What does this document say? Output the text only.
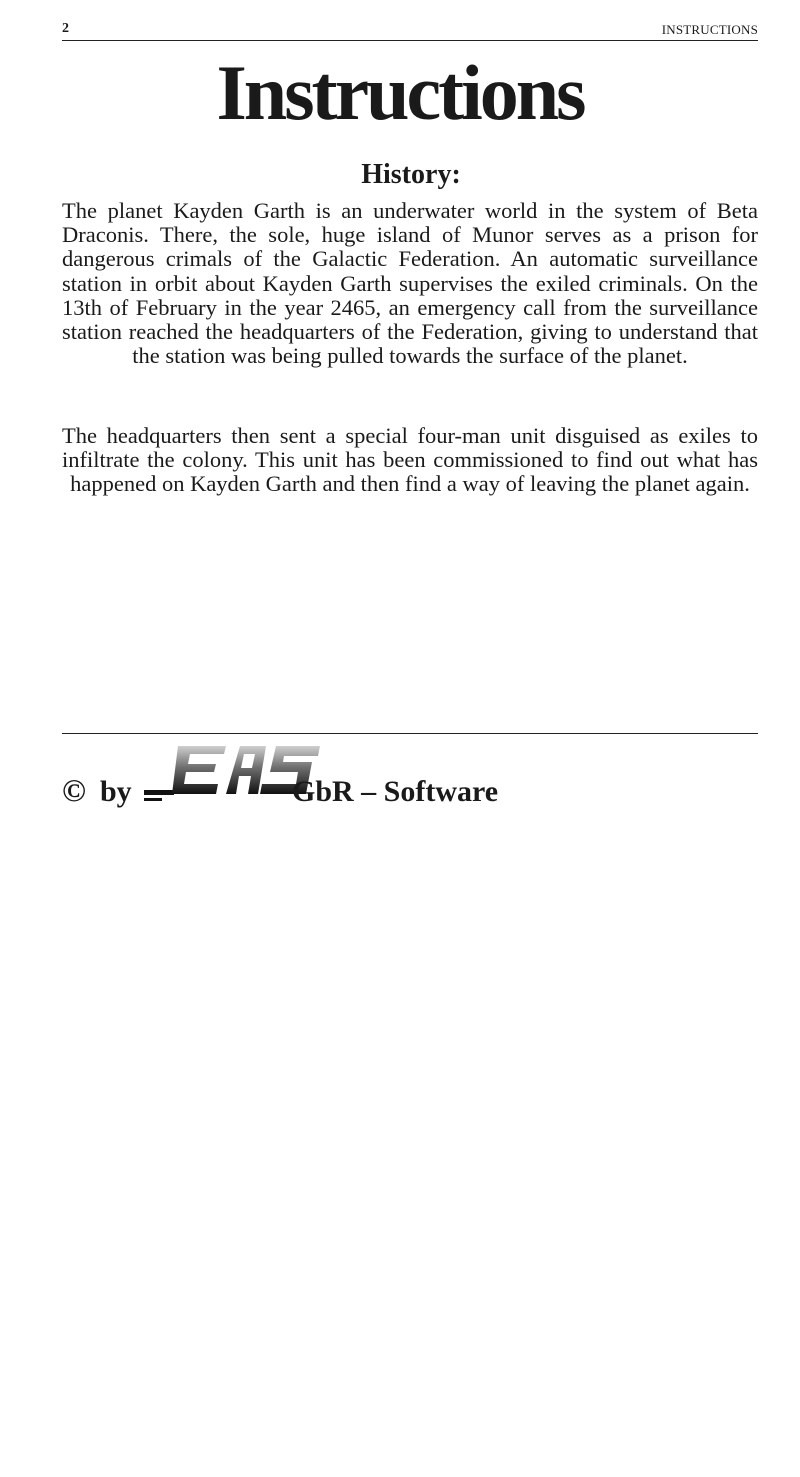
2	INSTRUCTIONS
Instructions
History:

The planet Kayden Garth is an underwater world in the system of Beta Draconis. There, the sole, huge island of Munor serves as a prison for dangerous crimals of the Galactic Federation. An automatic surveillance station in orbit about Kayden Garth supervises the exiled criminals. On the 13th of February in the year 2465, an emergency call from the surveillance station reached the headquarters of the Federation, giving to understand that the station was being pulled towards the surface of the planet.

The headquarters then sent a special four-man unit disguised as exiles to infiltrate the colony. This unit has been commissioned to find out what has happened on Kayden Garth and then find a way of leaving the planet again.

© by	GbR – Software
